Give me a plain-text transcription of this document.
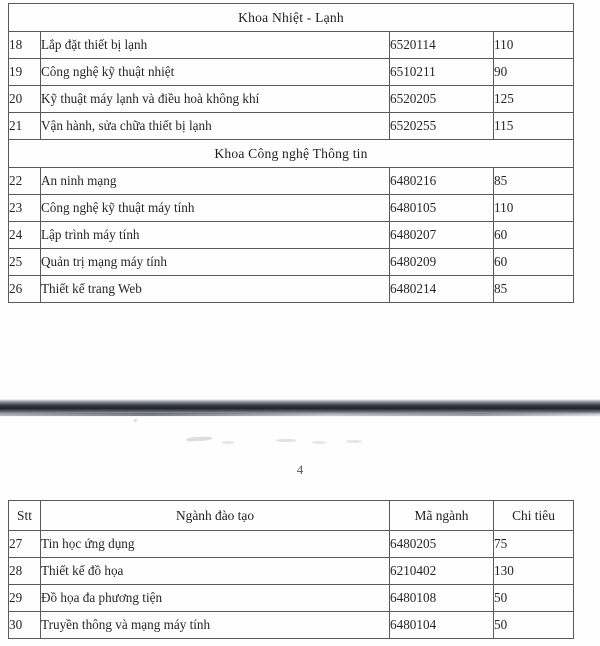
Khoa Nhiệt - Lạnh			
18	Lắp đặt thiết bị lạnh	6520114	110
19	Công nghệ kỹ thuật nhiệt	6510211	90
20	Kỹ thuật máy lạnh và điều hoà không khí	6520205	125
21	Vận hành, sửa chữa thiết bị lạnh	6520255	115
Khoa Công nghệ Thông tin			
22	An ninh mạng	6480216	85
23	Công nghệ kỹ thuật máy tính	6480105	110
24	Lập trình máy tính	6480207	60
25	Quản trị mạng máy tính	6480209	60
26	Thiết kế trang Web	6480214	85
4
Stt	Ngành đào tạo	Mã ngành	Chi tiêu
27	Tin học ứng dụng	6480205	75
28	Thiết kế đồ họa	6210402	130
29	Đồ họa đa phương tiện	6480108	50
30	Truyền thông và mạng máy tính	6480104	50
